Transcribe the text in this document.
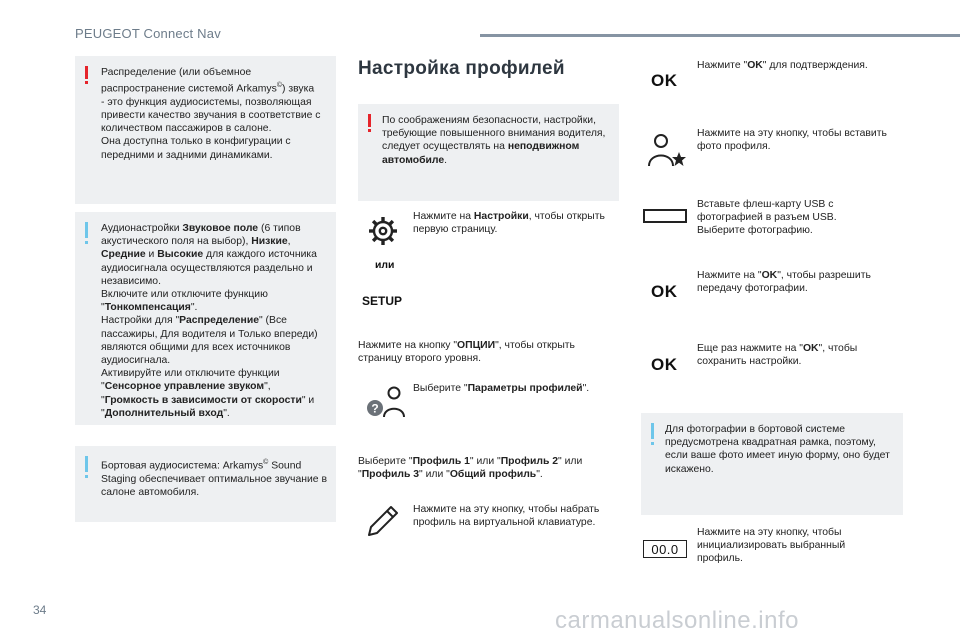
PEUGEOT Connect Nav

Распределение (или объемное

распространение системой Arkamys©) звука

- это функция аудиосистемы, позволяющая

привести качество звучания в соответствие с

количеством пассажиров в салоне.

Она доступна только в конфигурации с

передними и задними динамиками.

Аудионастройки Звуковое поле (6 типов

акустического поля на выбор), Низкие,

Средние и Высокие для каждого источника

аудиосигнала осуществляются раздельно и

независимо.

Включите или отключите функцию

"Тонкомпенсация".

Настройки для "Распределение" (Все

пассажиры, Для водителя и Только впереди)

являются общими для всех источников

аудиосигнала.

Активируйте или отключите функции

"Сенсорное управление звуком",

"Громкость в зависимости от скорости" и

"Дополнительный вход".

Бортовая аудиосистема: Arkamys© Sound

Staging обеспечивает оптимальное звучание в

салоне автомобиля.

Настройка профилей

По соображениям безопасности, настройки,

требующие повышенного внимания водителя,

следует осуществлять на неподвижном

автомобиле.

Нажмите на Настройки, чтобы открыть

первую страницу.

или
SETUP

Нажмите на кнопку "ОПЦИИ", чтобы открыть

страницу второго уровня.

?

Выберите "Параметры профилей".

Выберите "Профиль 1" или "Профиль 2" или

"Профиль 3" или "Общий профиль".

Нажмите на эту кнопку, чтобы набрать

профиль на виртуальной клавиатуре.

OK

Нажмите "OK" для подтверждения.

Нажмите на эту кнопку, чтобы вставить

фото профиля.

Вставьте флеш-карту USB с

фотографией в разъем USB.

Выберите фотографию.

OK

Нажмите на "OK", чтобы разрешить

передачу фотографии.

OK

Еще раз нажмите на "OK", чтобы

сохранить настройки.

Для фотографии в бортовой системе

предусмотрена квадратная рамка, поэтому,

если ваше фото имеет иную форму, оно будет

искажено.

00.0

Нажмите на эту кнопку, чтобы

инициализировать выбранный

профиль.

34	carmanualsonline.info
